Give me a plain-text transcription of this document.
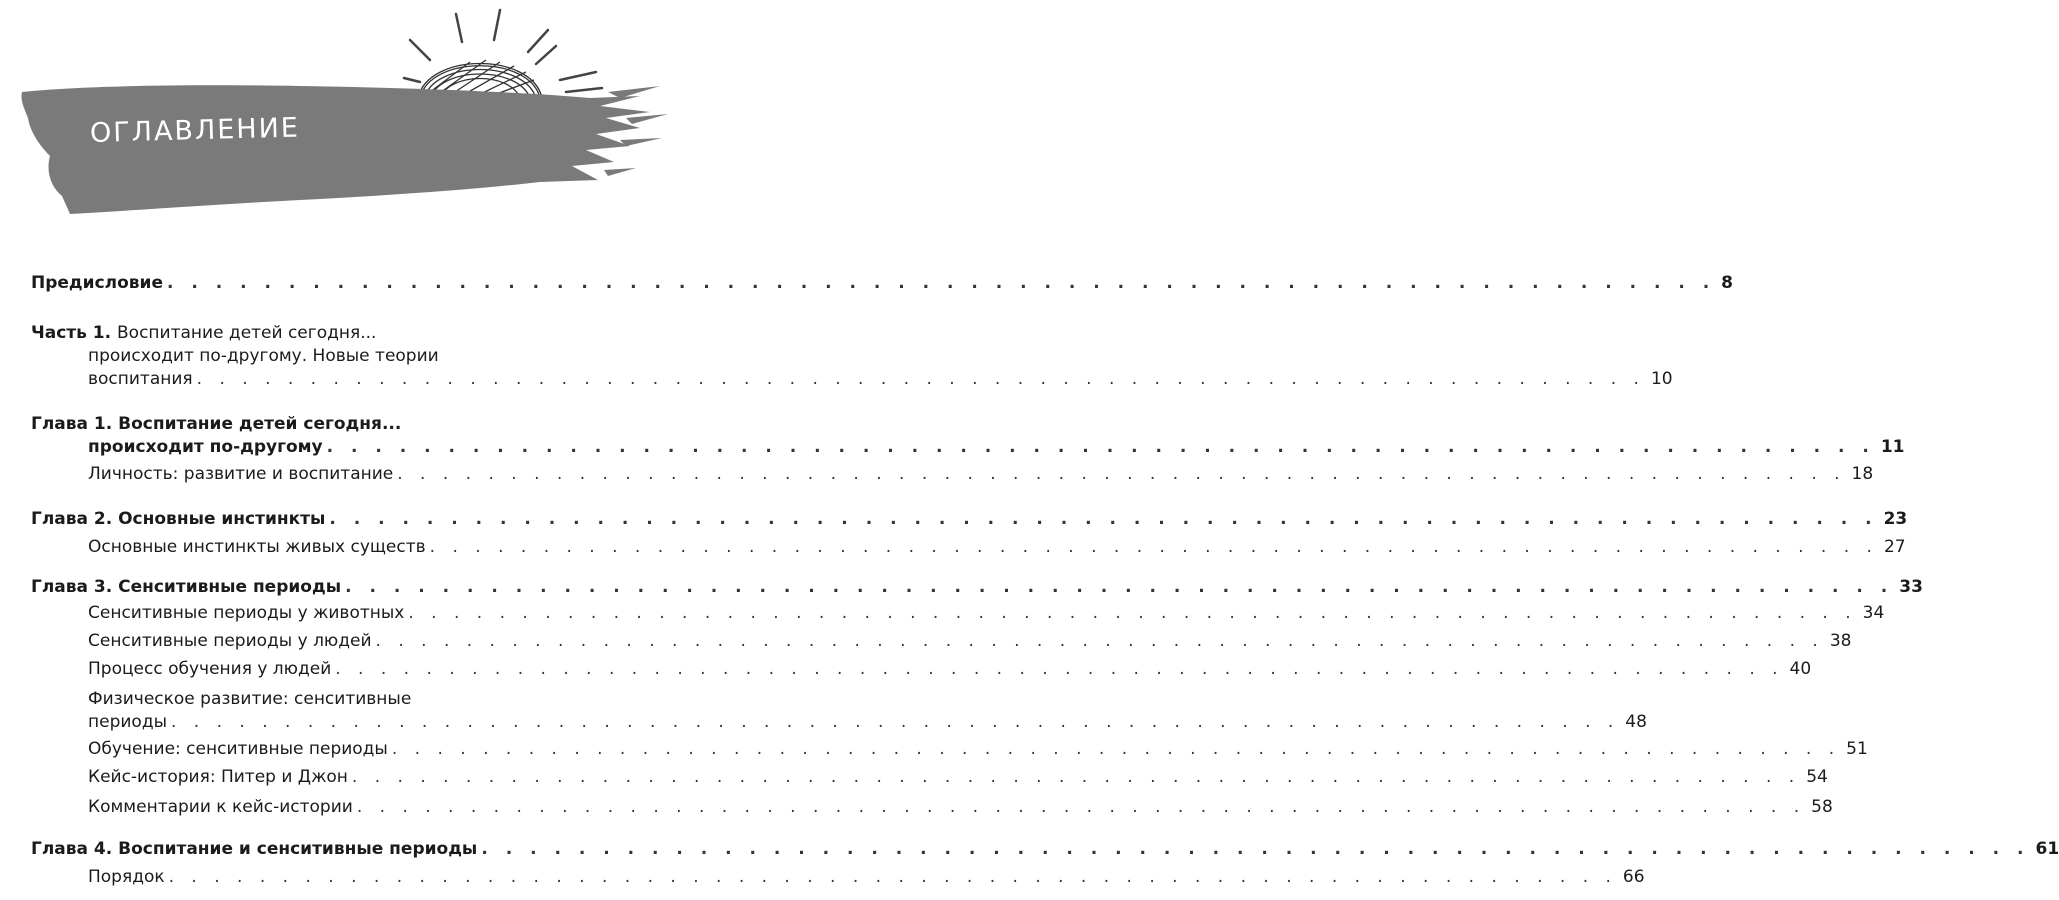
ОГЛАВЛЕНИЕ
Предисловие . . . . . . . . . . . . . . . . . . . . . . . . . . . . . . . . . . . . . . . . . . . . . . . . . . . . . . . . . . . . . . . . 8
Часть 1. Воспитание детей сегодня...
происходит по-другому. Новые теории
воспитания . . . . . . . . . . . . . . . . . . . . . . . . . . . . . . . . . . . . . . . . . . . . . . . . . . . . . . . . . . . . . . . . 10
Глава 1. Воспитание детей сегодня...
происходит по-другому . . . . . . . . . . . . . . . . . . . . . . . . . . . . . . . . . . . . . . . . . . . . . . . . . . . . . . . . . . . . . . . . 11
Личность: развитие и воспитание . . . . . . . . . . . . . . . . . . . . . . . . . . . . . . . . . . . . . . . . . . . . . . . . . . . . . . . . . . . . . . . . 18
Глава 2. Основные инстинкты . . . . . . . . . . . . . . . . . . . . . . . . . . . . . . . . . . . . . . . . . . . . . . . . . . . . . . . . . . . . . . . . 23
Основные инстинкты живых существ . . . . . . . . . . . . . . . . . . . . . . . . . . . . . . . . . . . . . . . . . . . . . . . . . . . . . . . . . . . . . . . . 27
Глава 3. Сенситивные периоды . . . . . . . . . . . . . . . . . . . . . . . . . . . . . . . . . . . . . . . . . . . . . . . . . . . . . . . . . . . . . . . . 33
Сенситивные периоды у животных . . . . . . . . . . . . . . . . . . . . . . . . . . . . . . . . . . . . . . . . . . . . . . . . . . . . . . . . . . . . . . . . 34
Сенситивные периоды у людей . . . . . . . . . . . . . . . . . . . . . . . . . . . . . . . . . . . . . . . . . . . . . . . . . . . . . . . . . . . . . . . . 38
Процесс обучения у людей . . . . . . . . . . . . . . . . . . . . . . . . . . . . . . . . . . . . . . . . . . . . . . . . . . . . . . . . . . . . . . . . 40
Физическое развитие: сенситивные
периоды . . . . . . . . . . . . . . . . . . . . . . . . . . . . . . . . . . . . . . . . . . . . . . . . . . . . . . . . . . . . . . . . 48
Обучение: сенситивные периоды . . . . . . . . . . . . . . . . . . . . . . . . . . . . . . . . . . . . . . . . . . . . . . . . . . . . . . . . . . . . . . . . 51
Кейс-история: Питер и Джон . . . . . . . . . . . . . . . . . . . . . . . . . . . . . . . . . . . . . . . . . . . . . . . . . . . . . . . . . . . . . . . . 54
Комментарии к кейс-истории . . . . . . . . . . . . . . . . . . . . . . . . . . . . . . . . . . . . . . . . . . . . . . . . . . . . . . . . . . . . . . . . 58
Глава 4. Воспитание и сенситивные периоды . . . . . . . . . . . . . . . . . . . . . . . . . . . . . . . . . . . . . . . . . . . . . . . . . . . . . . . . . . . . . . . . 61
Порядок . . . . . . . . . . . . . . . . . . . . . . . . . . . . . . . . . . . . . . . . . . . . . . . . . . . . . . . . . . . . . . . . 66
